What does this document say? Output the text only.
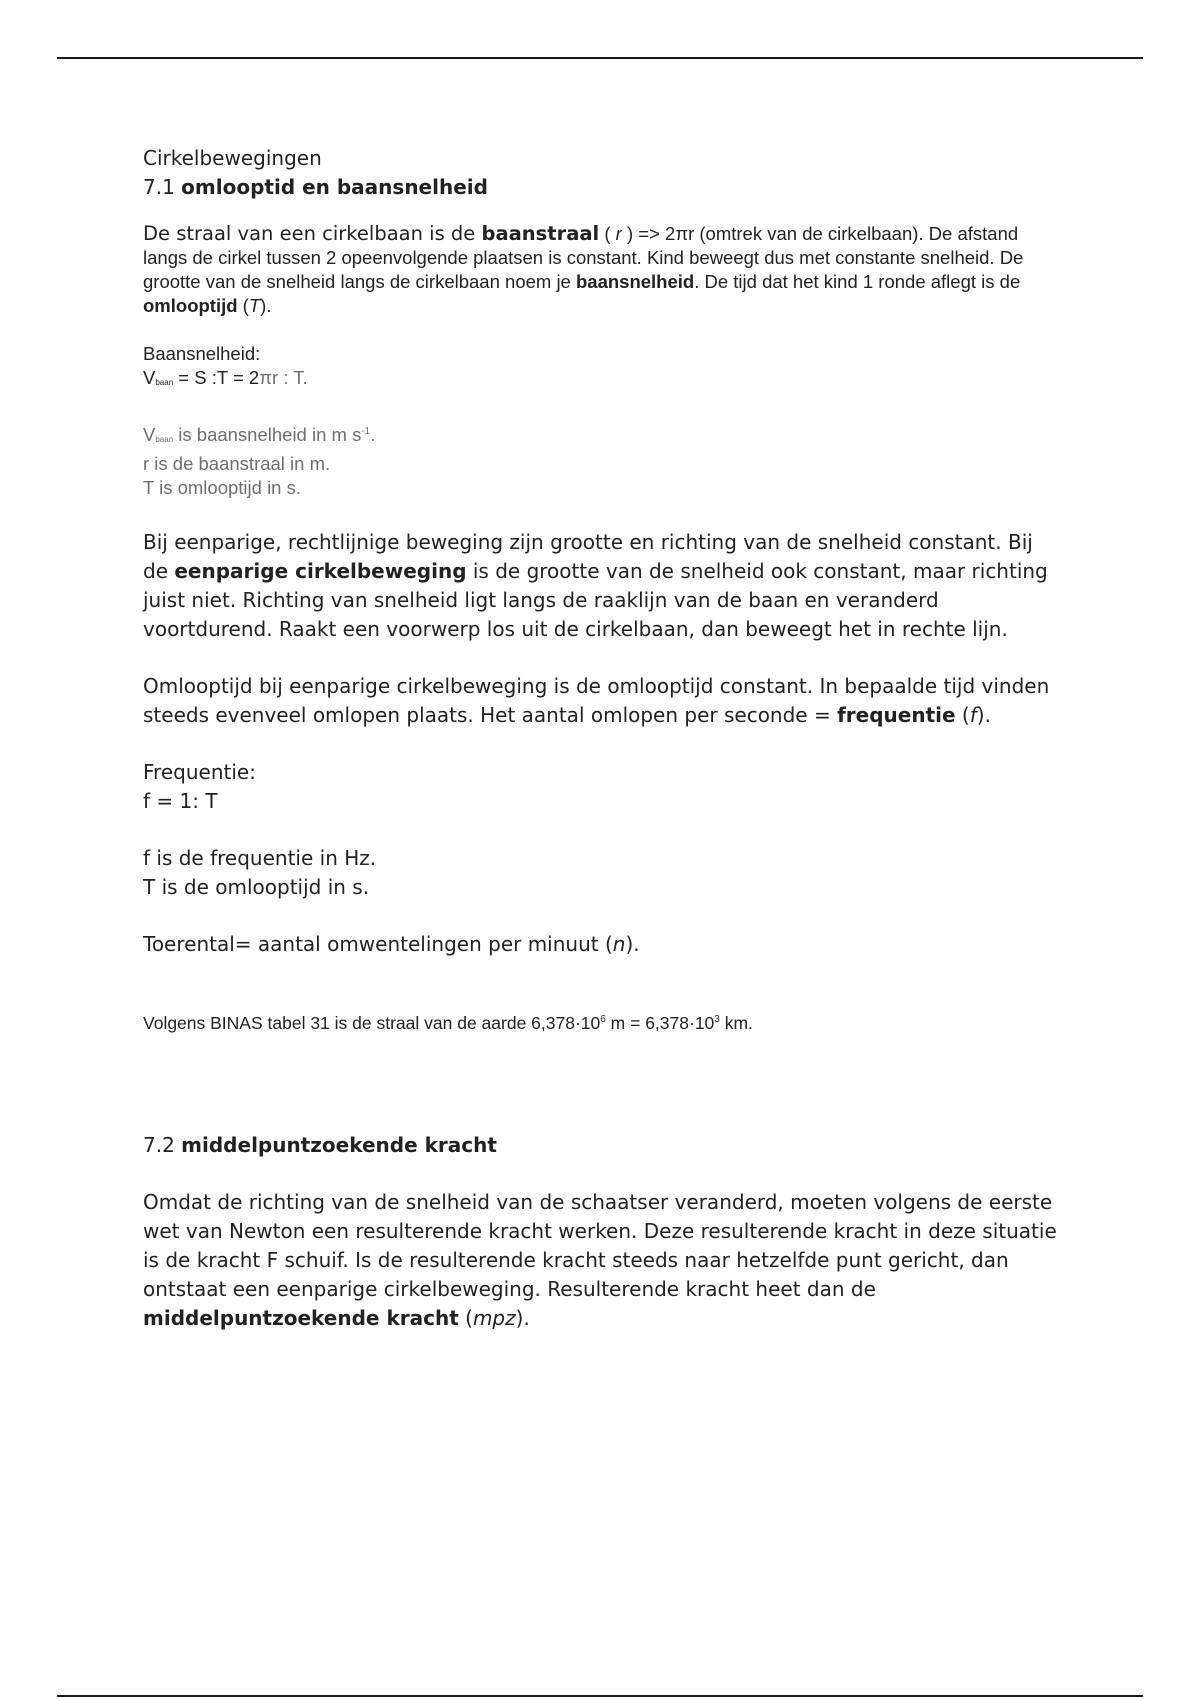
Cirkelbewegingen

7.1 omlooptid en baansnelheid

De straal van een cirkelbaan is de baanstraal ( r ) => 2πr (omtrek van de cirkelbaan). De afstand langs de cirkel tussen 2 opeenvolgende plaatsen is constant. Kind beweegt dus met constante snelheid. De grootte van de snelheid langs de cirkelbaan noem je baansnelheid. De tijd dat het kind 1 ronde aflegt is de omlooptijd (T).

Baansnelheid:

$V_{baan} = S$ :T = 2πr : T.

$V_{baan}$ is baansnelheid in m $s^{-1}$.

r is de baanstraal in m.

T is omlooptijd in s.

Bij eenparige, rechtlijnige beweging zijn grootte en richting van de snelheid constant. Bij de eenparige cirkelbeweging is de grootte van de snelheid ook constant, maar richting juist niet. Richting van snelheid ligt langs de raaklijn van de baan en veranderd voortdurend. Raakt een voorwerp los uit de cirkelbaan, dan beweegt het in rechte lijn.

Omlooptijd bij eenparige cirkelbeweging is de omlooptijd constant. In bepaalde tijd vinden steeds evenveel omlopen plaats. Het aantal omlopen per seconde = frequentie (f).

Frequentie:

f = 1: T

f is de frequentie in Hz.

T is de omlooptijd in s.

Toerental= aantal omwentelingen per minuut (n).

Volgens BINAS tabel 31 is de straal van de aarde $6,378\cdot 10^6$ $m = 6,378\cdot 10^3$ km.

7.2 middelpuntzoekende kracht

Omdat de richting van de snelheid van de schaatser veranderd, moeten volgens de eerste wet van Newton een resulterende kracht werken. Deze resulterende kracht in deze situatie is de kracht F schuif. Is de resulterende kracht steeds naar hetzelfde punt gericht, dan ontstaat een eenparige cirkelbeweging. Resulterende kracht heet dan de middelpuntzoekende kracht (mpz).
